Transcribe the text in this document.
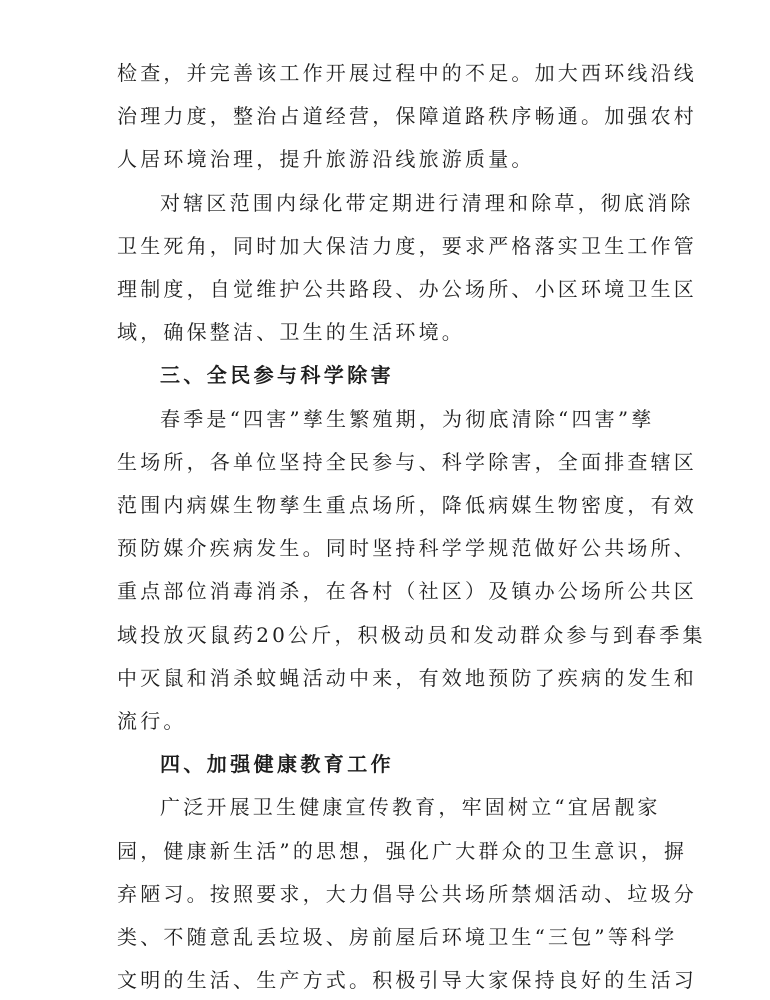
检查，并完善该工作开展过程中的不足。加大西环线沿线
治理力度，整治占道经营，保障道路秩序畅通。加强农村
人居环境治理，提升旅游沿线旅游质量。
对辖区范围内绿化带定期进行清理和除草，彻底消除
卫生死角，同时加大保洁力度，要求严格落实卫生工作管
理制度，自觉维护公共路段、办公场所、小区环境卫生区
域，确保整洁、卫生的生活环境。
三、全民参与科学除害
春季是“四害”孳生繁殖期，为彻底清除“四害”孳
生场所，各单位坚持全民参与、科学除害，全面排查辖区
范围内病媒生物孳生重点场所，降低病媒生物密度，有效
预防媒介疾病发生。同时坚持科学学规范做好公共场所、
重点部位消毒消杀，在各村（社区）及镇办公场所公共区
域投放灭鼠药20公斤，积极动员和发动群众参与到春季集
中灭鼠和消杀蚊蝇活动中来，有效地预防了疾病的发生和
流行。
四、加强健康教育工作
广泛开展卫生健康宣传教育，牢固树立“宜居靓家
园，健康新生活”的思想，强化广大群众的卫生意识，摒
弃陋习。按照要求，大力倡导公共场所禁烟活动、垃圾分
类、不随意乱丢垃圾、房前屋后环境卫生“三包”等科学
文明的生活、生产方式。积极引导大家保持良好的生活习
